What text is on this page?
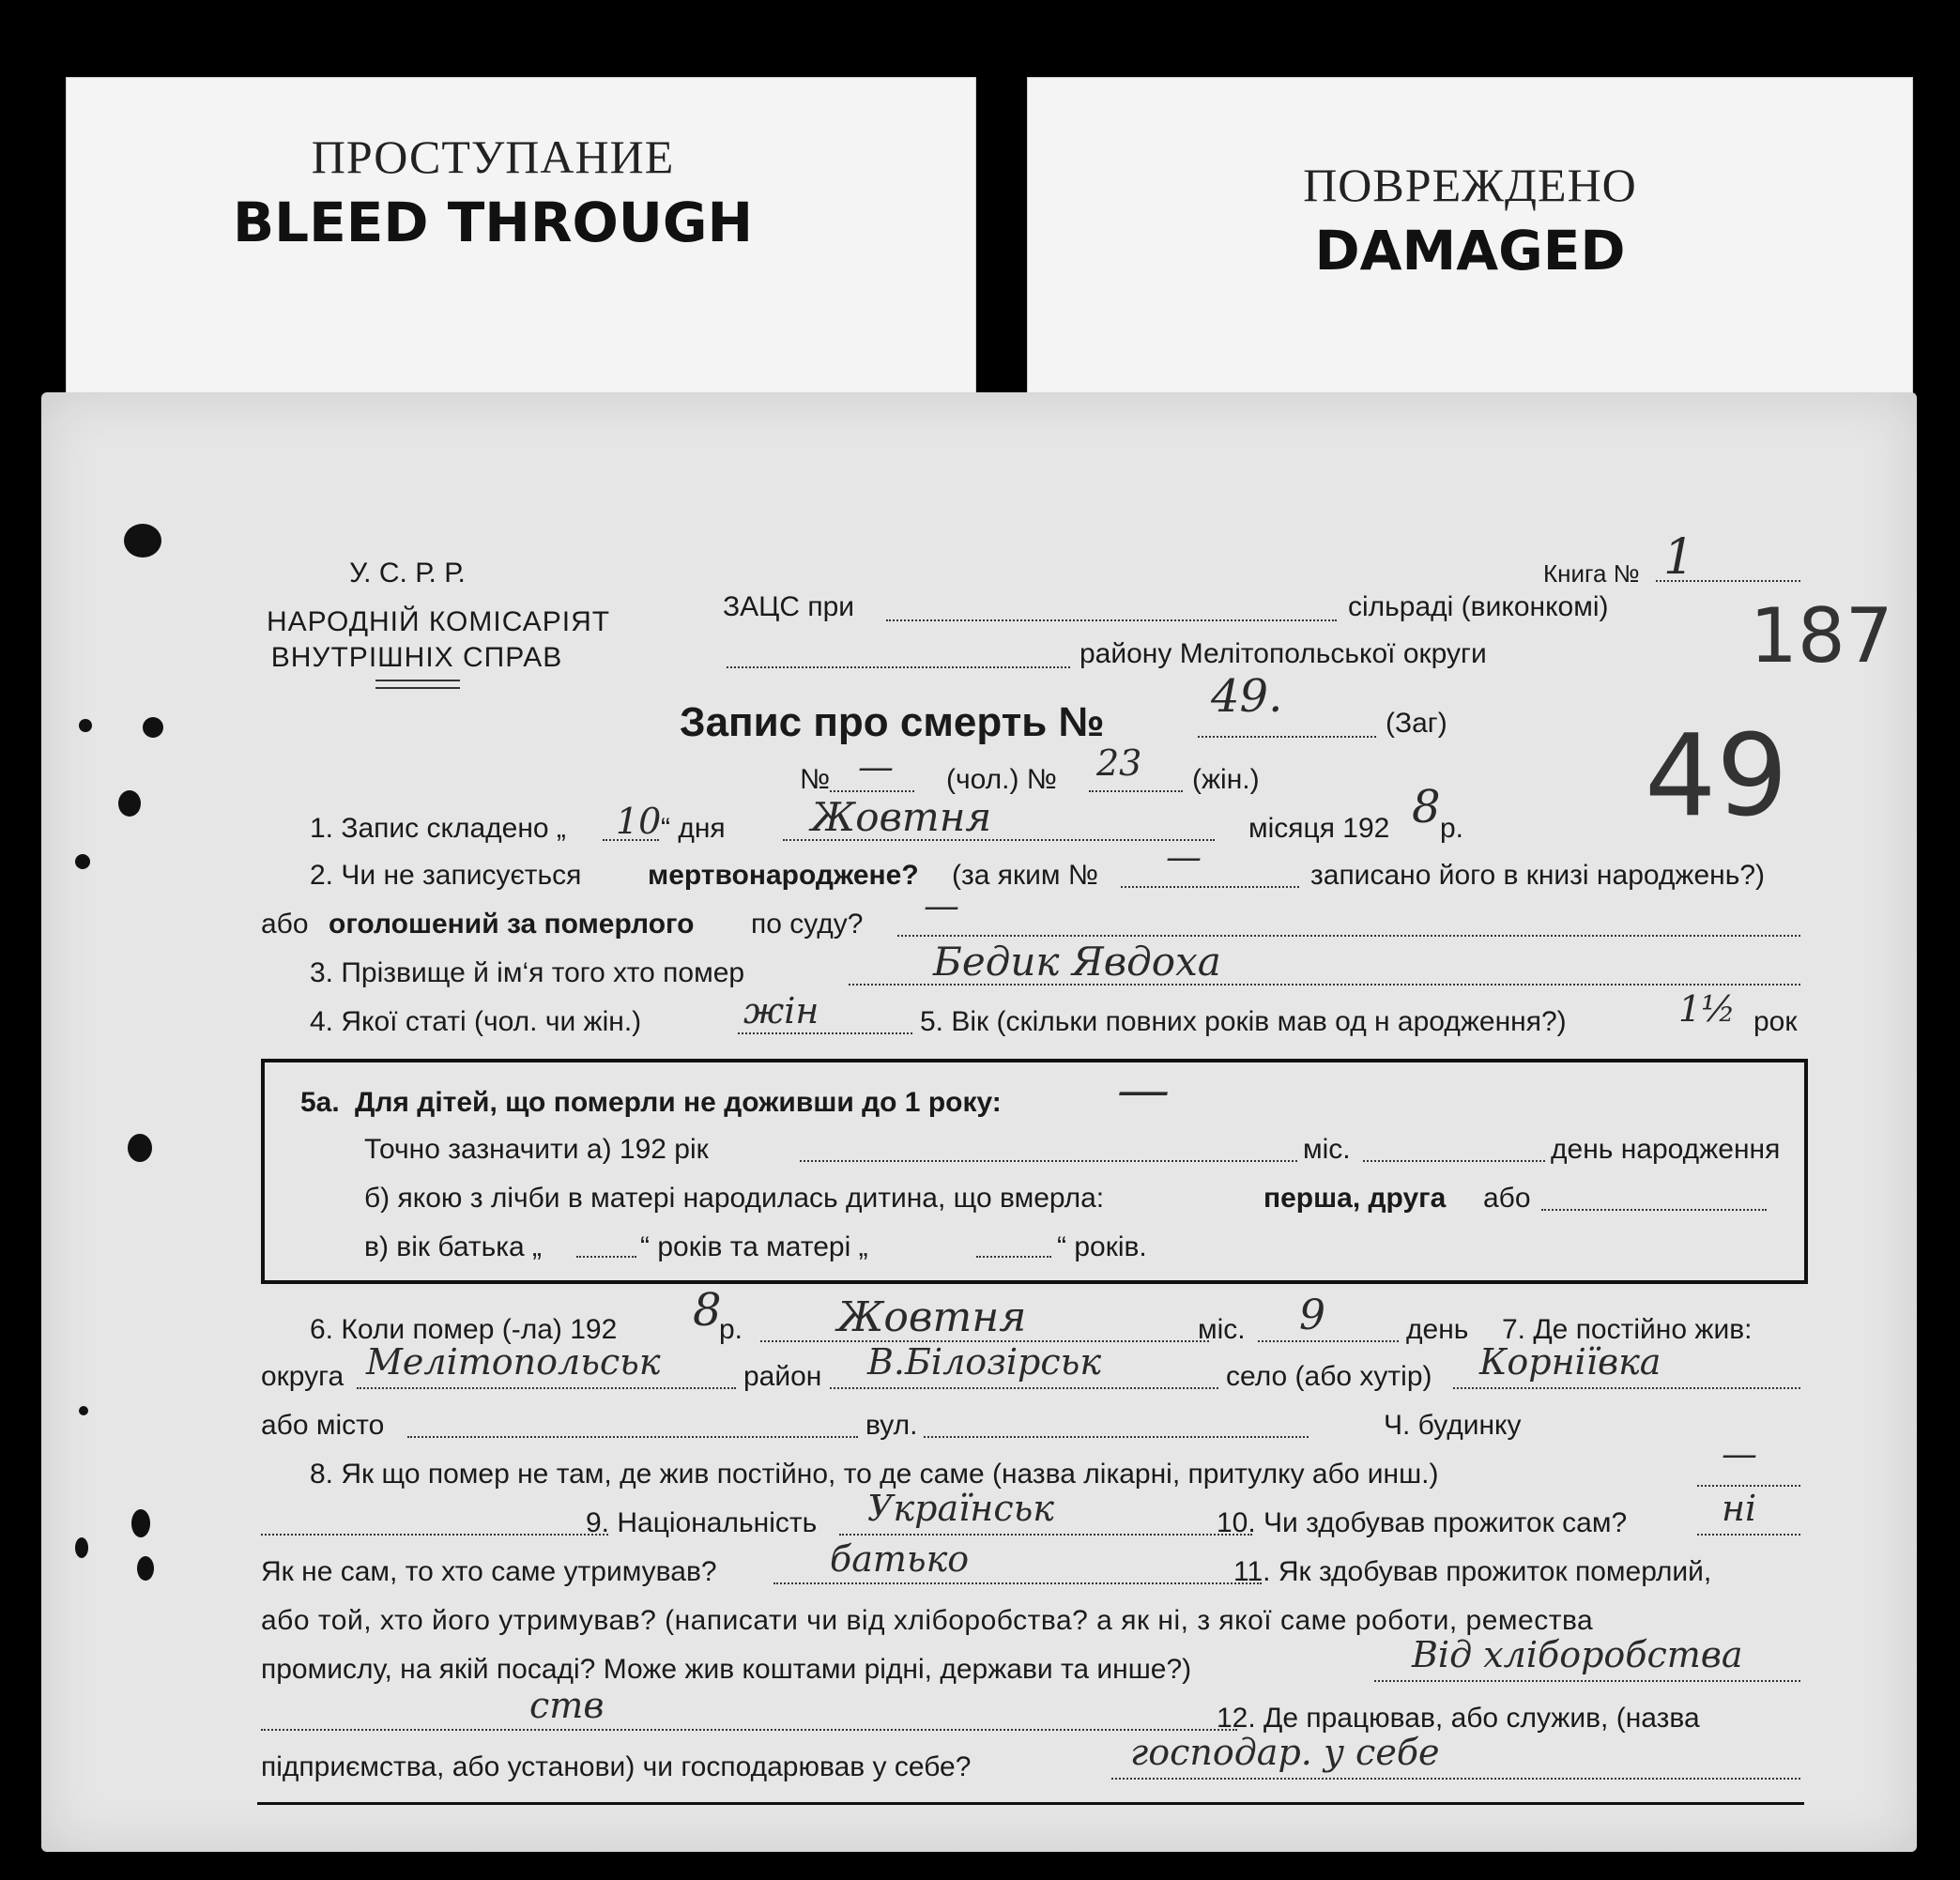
ПРОСТУПАНИЕ
BLEED THROUGH
ПОВРЕЖДЕНО
DAMAGED
У. С. Р. Р.
НАРОДНІЙ КОМІСАРІЯТ
ВНУТРІШНІХ СПРАВ
ЗАЦС при	сільраді (виконкомі)
району Мелітопольської округи
Книга № 1
187
49
Запис про смерть № 49.
(Заг)
№ — (чол.) № 23 (жін.)
1. Запис складено „ 10 “ дня Жовтня	місяця 192 8 р.
2. Чи не записується мертвонароджене? (за яким № —	записано його в книзі народжень?)
або оголошений за померлого по суду? —
3. Прізвище й ім‘я того хто помер	Бедик Явдоха
4. Якої статі (чол. чи жін.)	жін	5. Вік (скільки повних років мав од н ародження?)	1½ рок
5а. Для дітей, що померли не доживши до 1 року: —
Точно зазначити а) 192 рік	міс.	день народження
б) якою з лічби в матері народилась дитина, що вмерла:	перша, друга або
в) вік батька „	“ років та матері „	“ років.
6. Коли помер (-ла) 192 8
р. Жовтня	міс. 9	день 7. Де постійно жив:
округа Мелітопольськ	район В.Білозірськ	село (або хутір) Корніївка
або місто	вул.	Ч. будинку
8. Як що помер не там, де жив постійно, то де саме (назва лікарні, притулку або инш.)	—
9. Національність Українськ	10. Чи здобував прожиток сам?	ні
Як не сам, то хто саме утримував?	батько	11. Як здобував прожиток померлий,
або той, хто його утримував? (написати чи від хліборобства? а як ні, з якої саме роботи, ремества
промислу, на якій посаді? Може жив коштами рідні, держави та инше?)	Від хліборобства
ств	12. Де працював, або служив, (назва
підприємства, або установи) чи господарював у себе?	господар. у себе
